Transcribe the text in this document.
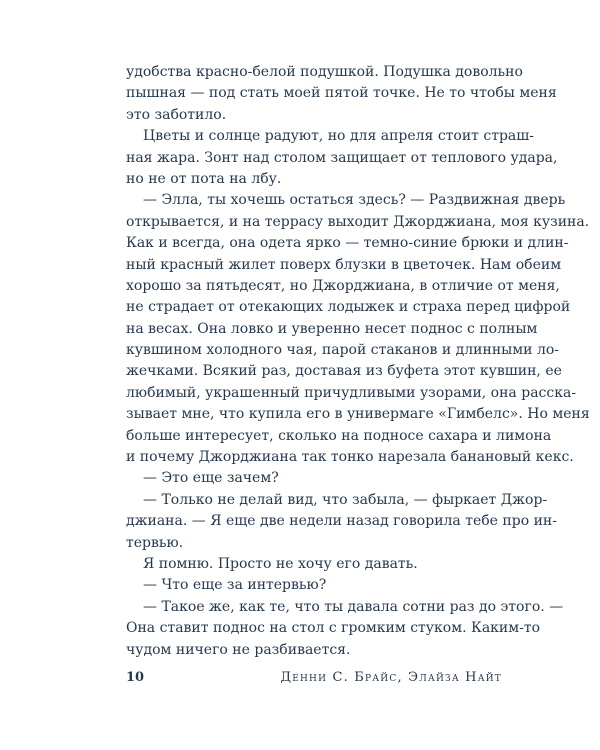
удобства красно-белой подушкой. Подушка довольно
пышная — под стать моей пятой точке. Не то чтобы меня
это заботило.
Цветы и солнце радуют, но для апреля стоит страш-
ная жара. Зонт над столом защищает от теплового удара,
но не от пота на лбу.
— Элла, ты хочешь остаться здесь? — Раздвижная дверь
открывается, и на террасу выходит Джорджиана, моя кузина.
Как и всегда, она одета ярко — темно-синие брюки и длин-
ный красный жилет поверх блузки в цветочек. Нам обеим
хорошо за пятьдесят, но Джорджиана, в отличие от меня,
не страдает от отекающих лодыжек и страха перед цифрой
на весах. Она ловко и уверенно несет поднос с полным
кувшином холодного чая, парой стаканов и длинными ло-
жечками. Всякий раз, доставая из буфета этот кувшин, ее
любимый, украшенный причудливыми узорами, она расска-
зывает мне, что купила его в универмаге «Гимбелс». Но меня
больше интересует, сколько на подносе сахара и лимона
и почему Джорджиана так тонко нарезала банановый кекс.
— Это еще зачем?
— Только не делай вид, что забыла, — фыркает Джор-
джиана. — Я еще две недели назад говорила тебе про ин-
тервью.
Я помню. Просто не хочу его давать.
— Что еще за интервью?
— Такое же, как те, что ты давала сотни раз до этого. —
Она ставит поднос на стол с громким стуком. Каким-то
чудом ничего не разбивается.
10	Денни С. Брайс, Элайза Найт
